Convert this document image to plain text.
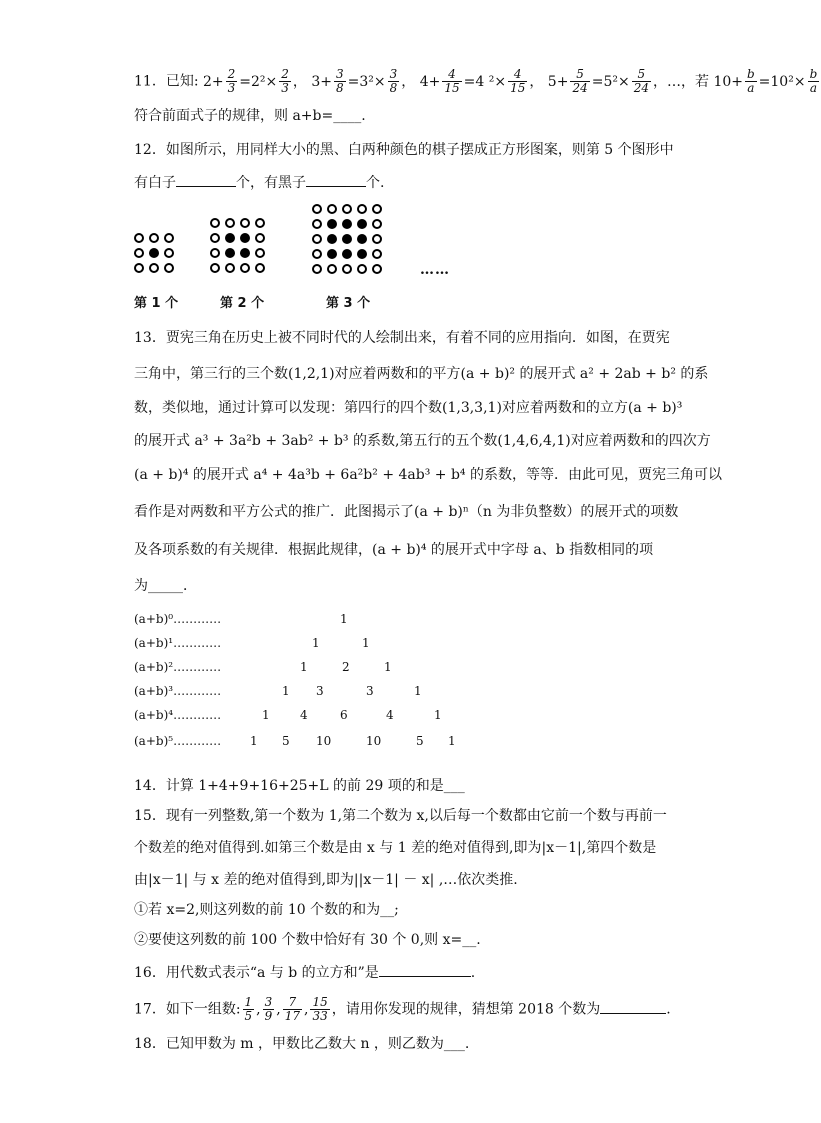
11．已知: $2+ \frac{2}{3} =2^2\times \frac{2}{3}$ ， $3+ \frac{3}{8} =3^2\times \frac{3}{8}$ ， $4+ \frac{4}{15} =4$ $^2\times \frac{4}{15}$ ， $5+ \frac{5}{24} =5^2\times \frac{5}{24}$ ，…，若 $10+ \frac{b}{a} =10^2\times \frac{b}{a}$
符合前面式子的规律，则 a+b=____.
12．如图所示，用同样大小的黑、白两种颜色的棋子摆成正方形图案，则第 5 个图形中
有白子	个，有黑子	个.
……
第 1 个	第 2 个	第 3 个
13．贾宪三角在历史上被不同时代的人绘制出来，有着不同的应用指向．如图，在贾宪
三角中，第三行的三个数(1,2,1)对应着两数和的平方(a + b)² 的展开式 a² + 2ab + b² 的系
数，类似地，通过计算可以发现：第四行的四个数(1,3,3,1)对应着两数和的立方(a + b)³
的展开式 a³ + 3a²b + 3ab² + b³ 的系数,第五行的五个数(1,4,6,4,1)对应着两数和的四次方
(a + b)⁴ 的展开式 a⁴ + 4a³b + 6a²b² + 4ab³ + b⁴ 的系数，等等．由此可见，贾宪三角可以
看作是对两数和平方公式的推广．此图揭示了(a + b)ⁿ（n 为非负整数）的展开式的项数
及各项系数的有关规律．根据此规律，(a + b)⁴ 的展开式中字母 a、b 指数相同的项
为_____．
(a+b)⁰…………	1
(a+b)¹…………	1	1
(a+b)²…………	1	2	1
(a+b)³…………	1 3	3	1
(a+b)⁴…………	1	4	6	4	1
(a+b)⁵………… 1 5 10	10	5 1
14．计算 1+4+9+16+25+L 的前 29 项的和是___
15．现有一列整数,第一个数为 1,第二个数为 x,以后每一个数都由它前一个数与再前一
个数差的绝对值得到.如第三个数是由 x 与 1 差的绝对值得到,即为|x－1|,第四个数是
由|x－1| 与 x 差的绝对值得到,即为||x－1| － x| ,…依次类推.
①若 x=2,则这列数的前 10 个数的和为__;
②要使这列数的前 100 个数中恰好有 30 个 0,则 x=__.
16．用代数式表示“a 与 b 的立方和”是	.
17．如下一组数: $\frac{1}{5}$ , $\frac{3}{9}$ , $\frac{7}{17}$ , $\frac{15}{33}$ ，请用你发现的规律，猜想第 2018 个数为	.
18．已知甲数为 m ，甲数比乙数大 n ，则乙数为___.
